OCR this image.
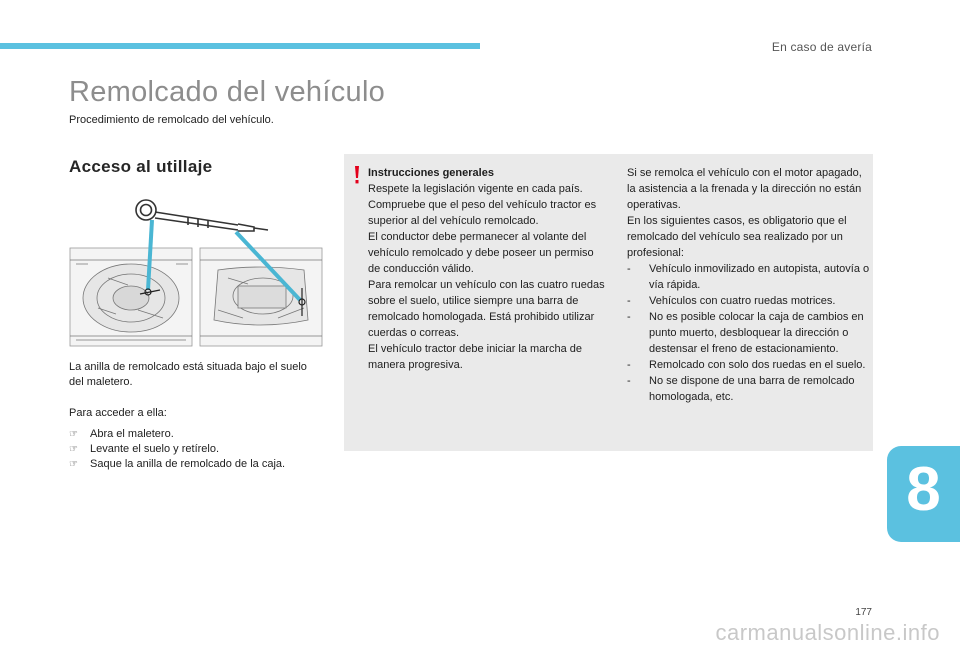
En caso de avería
Remolcado del vehículo

Procedimiento de remolcado del vehículo.

Acceso al utillaje

La anilla de remolcado está situada bajo el suelo del maletero.

Para acceder a ella:

☞	Abra el maletero.
☞	Levante el suelo y retírelo.
☞	Saque la anilla de remolcado de la caja.
Instrucciones generales
Respete la legislación vigente en cada país.
Compruebe que el peso del vehículo tractor es superior al del vehículo remolcado.
El conductor debe permanecer al volante del vehículo remolcado y debe poseer un permiso de conducción válido.
Para remolcar un vehículo con las cuatro ruedas sobre el suelo, utilice siempre una barra de remolcado homologada. Está prohibido utilizar cuerdas o correas.
El vehículo tractor debe iniciar la marcha de manera progresiva.
Si se remolca el vehículo con el motor apagado, la asistencia a la frenada y la dirección no están operativas.
En los siguientes casos, es obligatorio que el remolcado del vehículo sea realizado por un profesional:
-	Vehículo inmovilizado en autopista, autovía o vía rápida.
-	Vehículos con cuatro ruedas motrices.
-	No es posible colocar la caja de cambios en punto muerto, desbloquear la dirección o destensar el freno de estacionamiento.
-	Remolcado con solo dos ruedas en el suelo.
-	No se dispone de una barra de remolcado homologada, etc.
8
177
carmanualsonline.info
